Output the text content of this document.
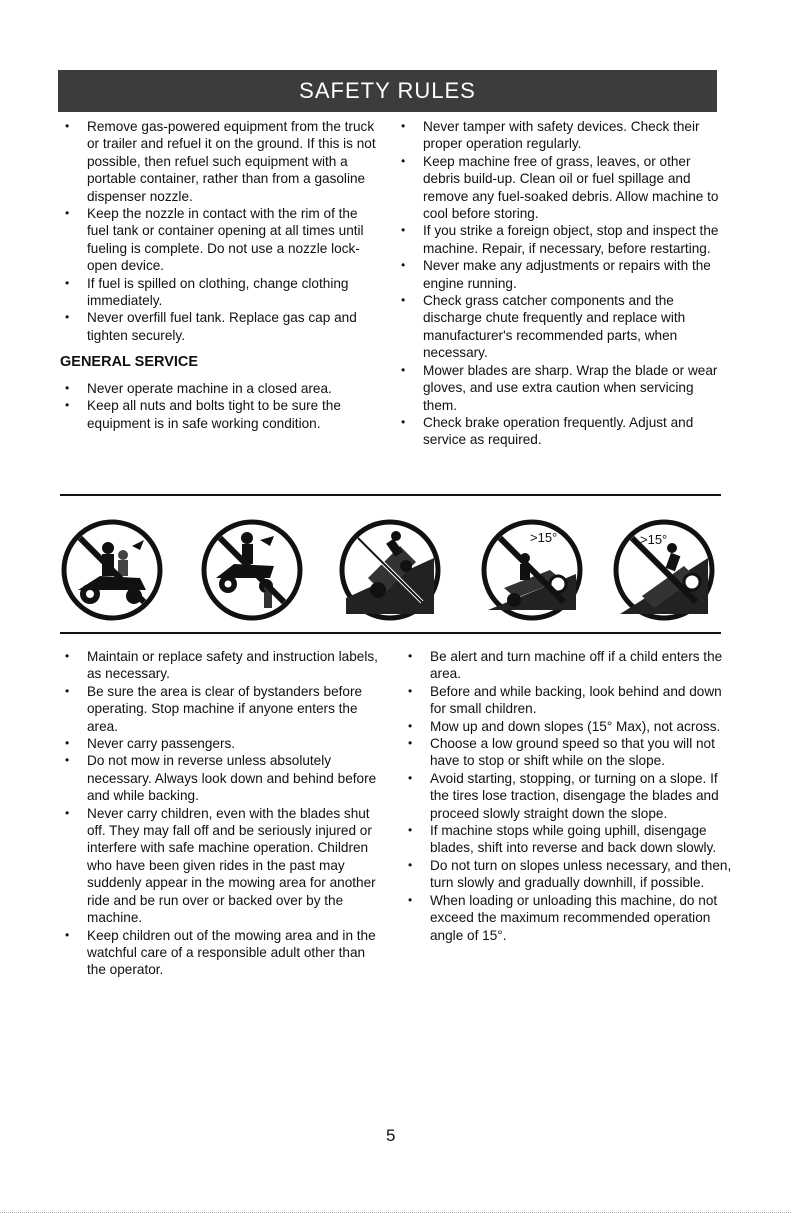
SAFETY RULES
• Remove gas-powered equipment from the truck or trailer and refuel it on the ground. If this is not possible, then refuel such equipment with a portable container, rather than from a gasoline dispenser nozzle.
• Keep the nozzle in contact with the rim of the fuel tank or container opening at all times until fueling is complete. Do not use a nozzle lock-open device.
• If fuel is spilled on clothing, change clothing immediately.
• Never overfill fuel tank. Replace gas cap and tighten securely.
GENERAL SERVICE
• Never operate machine in a closed area.
• Keep all nuts and bolts tight to be sure the equipment is in safe working condition.
• Never tamper with safety devices. Check their proper operation regularly.
• Keep machine free of grass, leaves, or other debris build-up. Clean oil or fuel spillage and remove any fuel-soaked debris. Allow machine to cool before storing.
• If you strike a foreign object, stop and inspect the machine. Repair, if necessary, before restarting.
• Never make any adjustments or repairs with the engine running.
• Check grass catcher components and the discharge chute frequently and replace with manufacturer's recommended parts, when necessary.
• Mower blades are sharp. Wrap the blade or wear gloves, and use extra caution when servicing them.
• Check brake operation frequently. Adjust and service as required.
>15°	>15°
• Maintain or replace safety and instruction labels, as necessary.
• Be sure the area is clear of bystanders before operating. Stop machine if anyone enters the area.
• Never carry passengers.
• Do not mow in reverse unless absolutely necessary. Always look down and behind before and while backing.
• Never carry children, even with the blades shut off. They may fall off and be seriously injured or interfere with safe machine operation. Children who have been given rides in the past may suddenly appear in the mowing area for another ride and be run over or backed over by the machine.
• Keep children out of the mowing area and in the watchful care of a responsible adult other than the operator.
• Be alert and turn machine off if a child enters the area.
• Before and while backing, look behind and down for small children.
• Mow up and down slopes (15° Max), not across.
• Choose a low ground speed so that you will not have to stop or shift while on the slope.
• Avoid starting, stopping, or turning on a slope. If the tires lose traction, disengage the blades and proceed slowly straight down the slope.
• If machine stops while going uphill, disengage blades, shift into reverse and back down slowly.
• Do not turn on slopes unless necessary, and then, turn slowly and gradually downhill, if possible.
• When loading or unloading this machine, do not exceed the maximum recommended operation angle of 15°.
5
